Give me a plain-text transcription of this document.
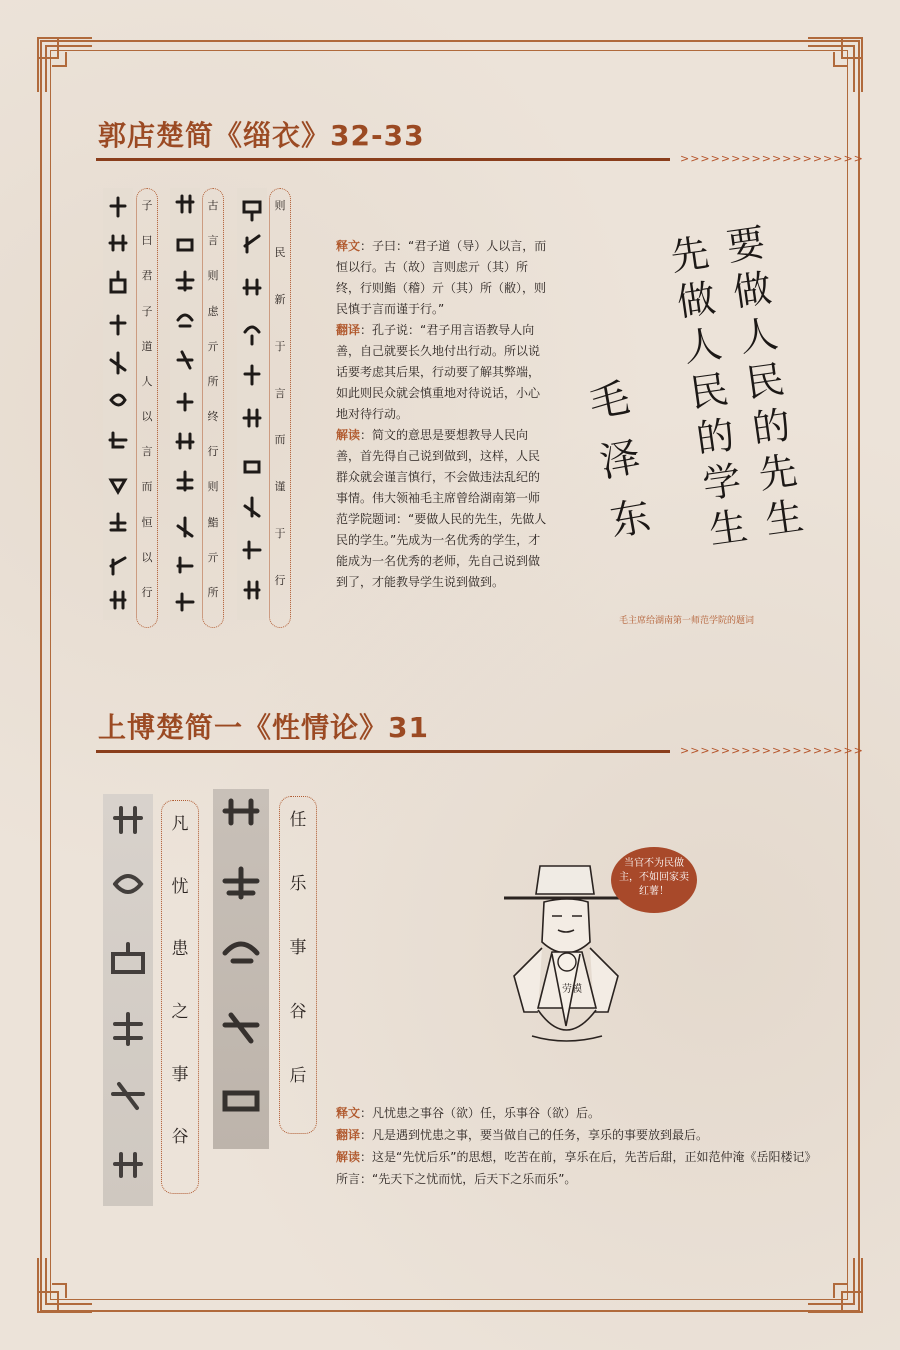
郭店楚简《缁衣》32-33
>>>>>>>>>>>>>>>>>>
子
曰
君
子
道
人
以
言
而
恒
以
行
古
言
则
虑
亓
所
终
行
则
鮨
亓
所
则
民
新
于
言
而
谨
于
行
释文：子曰：“君子道（导）人以言，而恒以行。古（故）言则虑亓（其）所终，行则鮨（稽）亓（其）所（敝），则民慎于言而谨于行。”
翻译：孔子说：“君子用言语教导人向善，自己就要长久地付出行动。所以说话要考虑其后果，行动要了解其弊端，如此则民众就会慎重地对待说话，小心地对待行动。
解读：简文的意思是要想教导人民向善，首先得自己说到做到，这样，人民群众就会谨言慎行，不会做违法乱纪的事情。伟大领袖毛主席曾给湖南第一师范学院题词：“要做人民的先生，先做人民的学生。”先成为一名优秀的学生，才能成为一名优秀的老师，先自己说到做到了，才能教导学生说到做到。
要做人民的先生
先做人民的学生
毛泽东
毛主席给湖南第一师范学院的题词
上博楚简一《性情论》31
>>>>>>>>>>>>>>>>>>
凡
忧
患
之
事
谷
任
乐
事
谷
后
劳模
当官不为民做主，不如回家卖红薯！
释文：凡忧患之事谷（欲）任，乐事谷（欲）后。
翻译：凡是遇到忧患之事，要当做自己的任务，享乐的事要放到最后。
解读：这是“先忧后乐”的思想，吃苦在前，享乐在后，先苦后甜，正如范仲淹《岳阳楼记》所言：“先天下之忧而忧，后天下之乐而乐”。
